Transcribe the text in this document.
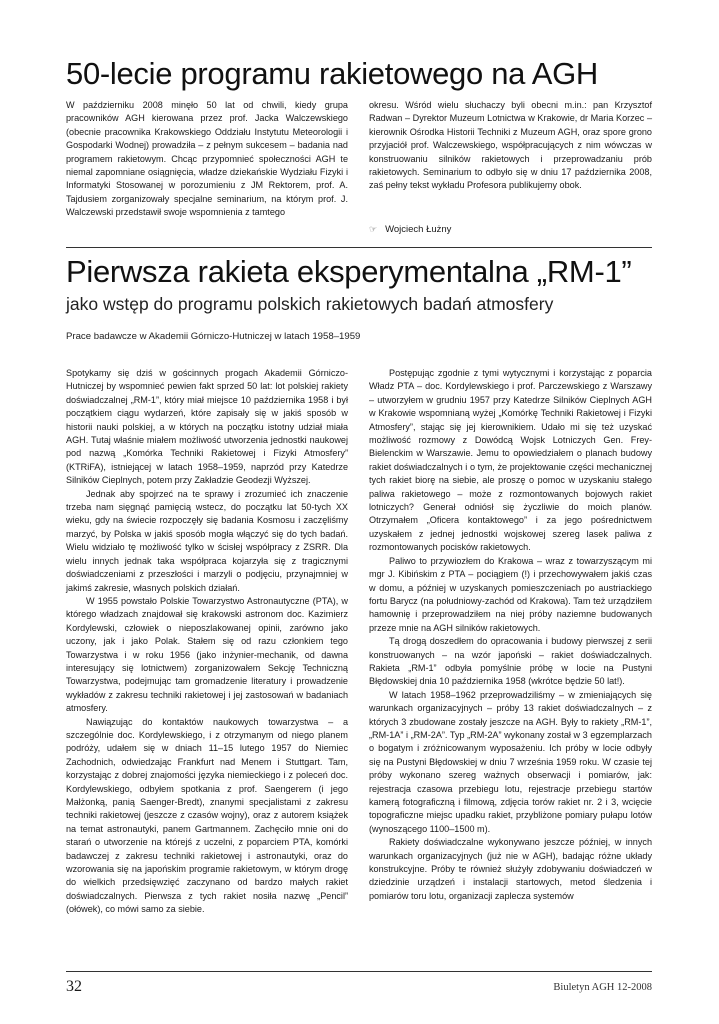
50-lecie programu rakietowego na AGH

W październiku 2008 minęło 50 lat od chwili, kiedy grupa pracowników AGH kierowana przez prof. Jacka Walczewskiego (obecnie pracownika Krakowskiego Oddziału Instytutu Meteorologii i Gospodarki Wodnej) prowadziła – z pełnym sukcesem – badania nad programem rakietowym. Chcąc przypomnieć społeczności AGH te niemal zapomniane osiągnięcia, władze dziekańskie Wydziału Fizyki i Informatyki Stosowanej w porozumieniu z JM Rektorem, prof. A. Tajdusiem zorganizowały specjalne seminarium, na którym prof. J. Walczewski przedstawił swoje wspomnienia z tamtego

okresu. Wśród wielu słuchaczy byli obecni m.in.: pan Krzysztof Radwan – Dyrektor Muzeum Lotnictwa w Krakowie, dr Maria Korzec – kierownik Ośrodka Historii Techniki z Muzeum AGH, oraz spore grono przyjaciół prof. Walczewskiego, współpracujących z nim wówczas w konstruowaniu silników rakietowych i przeprowadzaniu prób rakietowych. Seminarium to odbyło się w dniu 17 października 2008, zaś pełny tekst wykładu Profesora publikujemy obok.

☞ Wojciech Łużny
Pierwsza rakieta eksperymentalna „RM-1”
jako wstęp do programu polskich rakietowych badań atmosfery
Prace badawcze w Akademii Górniczo-Hutniczej w latach 1958–1959

Spotykamy się dziś w gościnnych progach Akademii Górniczo-Hutniczej by wspomnieć pewien fakt sprzed 50 lat: lot polskiej rakiety doświadczalnej „RM-1”, który miał miejsce 10 października 1958 i był początkiem ciągu wydarzeń, które zapisały się w jakiś sposób w historii nauki polskiej, a w których na początku istotny udział miała AGH. Tutaj właśnie miałem możliwość utworzenia jednostki naukowej pod nazwą „Komórka Techniki Rakietowej i Fizyki Atmosfery” (KTRiFA), istniejącej w latach 1958–1959, naprzód przy Katedrze Silników Cieplnych, potem przy Zakładzie Geodezji Wyższej.

Jednak aby spojrzeć na te sprawy i zrozumieć ich znaczenie trzeba nam sięgnąć pamięcią wstecz, do początku lat 50-tych XX wieku, gdy na świecie rozpoczęły się badania Kosmosu i zaczęliśmy marzyć, by Polska w jakiś sposób mogła włączyć się do tych badań. Wielu widziało tę możliwość tylko w ścisłej współpracy z ZSRR. Dla wielu innych jednak taka współpraca kojarzyła się z tragicznymi doświadczeniami z przeszłości i marzyli o podjęciu, przynajmniej w jakimś zakresie, własnych polskich działań.

W 1955 powstało Polskie Towarzystwo Astronautyczne (PTA), w którego władzach znajdował się krakowski astronom doc. Kazimierz Kordylewski, człowiek o nieposzlakowanej opinii, zarówno jako uczony, jak i jako Polak. Stałem się od razu członkiem tego Towarzystwa i w roku 1956 (jako inżynier-mechanik, od dawna interesujący się lotnictwem) zorganizowałem Sekcję Techniczną Towarzystwa, podejmując tam gromadzenie literatury i prowadzenie wykładów z zakresu techniki rakietowej i jej zastosowań w badaniach atmosfery.

Nawiązując do kontaktów naukowych towarzystwa – a szczególnie doc. Kordylewskiego, i z otrzymanym od niego planem podróży, udałem się w dniach 11–15 lutego 1957 do Niemiec Zachodnich, odwiedzając Frankfurt nad Menem i Stuttgart. Tam, korzystając z dobrej znajomości języka niemieckiego i z poleceń doc. Kordylewskiego, odbyłem spotkania z prof. Saengerem (i jego Małżonką, panią Saenger-Bredt), znanymi specjalistami z zakresu techniki rakietowej (jeszcze z czasów wojny), oraz z autorem książek na temat astronautyki, panem Gartmannem. Zachęciło mnie oni do starań o utworzenie na którejś z uczelni, z poparciem PTA, komórki badawczej z zakresu techniki rakietowej i astronautyki, oraz do wzorowania się na japońskim programie rakietowym, w którym drogę do wielkich przedsięwzięć zaczynano od bardzo małych rakiet doświadczalnych. Pierwsza z tych rakiet nosiła nazwę „Pencil” (ołówek), co mówi samo za siebie.

Postępując zgodnie z tymi wytycznymi i korzystając z poparcia Władz PTA – doc. Kordylewskiego i prof. Parczewskiego z Warszawy – utworzyłem w grudniu 1957 przy Katedrze Silników Cieplnych AGH w Krakowie wspomnianą wyżej „Komórkę Techniki Rakietowej i Fizyki Atmosfery”, stając się jej kierownikiem. Udało mi się też uzyskać możliwość rozmowy z Dowódcą Wojsk Lotniczych Gen. Frey-Bielenckim w Warszawie. Jemu to opowiedziałem o planach budowy rakiet doświadczalnych i o tym, że projektowanie części mechanicznej tych rakiet biorę na siebie, ale proszę o pomoc w uzyskaniu stałego paliwa rakietowego – może z rozmontowanych bojowych rakiet lotniczych? Generał odniósł się życzliwie do moich planów. Otrzymałem „Oficera kontaktowego” i za jego pośrednictwem uzyskałem z jednej jednostki wojskowej szereg lasek paliwa z rozmontowanych pocisków rakietowych.

Paliwo to przywiozłem do Krakowa – wraz z towarzyszącym mi mgr J. Kibińskim z PTA – pociągiem (!) i przechowywałem jakiś czas w domu, a później w uzyskanych pomieszczeniach po austriackiego fortu Barycz (na południowy-zachód od Krakowa). Tam też urządziłem hamownię i przeprowadziłem na niej próby naziemne budowanych przeze mnie na AGH silników rakietowych.

Tą drogą doszedłem do opracowania i budowy pierwszej z serii konstruowanych – na wzór japoński – rakiet doświadczalnych. Rakieta „RM-1” odbyła pomyślnie próbę w locie na Pustyni Błędowskiej dnia 10 października 1958 (wkrótce będzie 50 lat!).

W latach 1958–1962 przeprowadziliśmy – w zmieniających się warunkach organizacyjnych – próby 13 rakiet doświadczalnych – z których 3 zbudowane zostały jeszcze na AGH. Były to rakiety „RM-1”, „RM-1A” i „RM-2A”. Typ „RM-2A” wykonany został w 3 egzemplarzach o bogatym i zróżnicowanym wyposażeniu. Ich próby w locie odbyły się na Pustyni Błędowskiej w dniu 7 września 1959 roku. W czasie tej próby wykonano szereg ważnych obserwacji i pomiarów, jak: rejestracja czasowa przebiegu lotu, rejestracje przebiegu startów kamerą fotograficzną i filmową, zdjęcia torów rakiet nr. 2 i 3, wcięcie topograficzne miejsc upadku rakiet, przybliżone pomiary pułapu lotów (wynoszącego 1100–1500 m).

Rakiety doświadczalne wykonywano jeszcze później, w innych warunkach organizacyjnych (już nie w AGH), badając różne układy konstrukcyjne. Próby te również służyły zdobywaniu doświadczeń w dziedzinie urządzeń i instalacji startowych, metod śledzenia i pomiarów toru lotu, organizacji zaplecza systemów

32	Biuletyn AGH 12-2008
